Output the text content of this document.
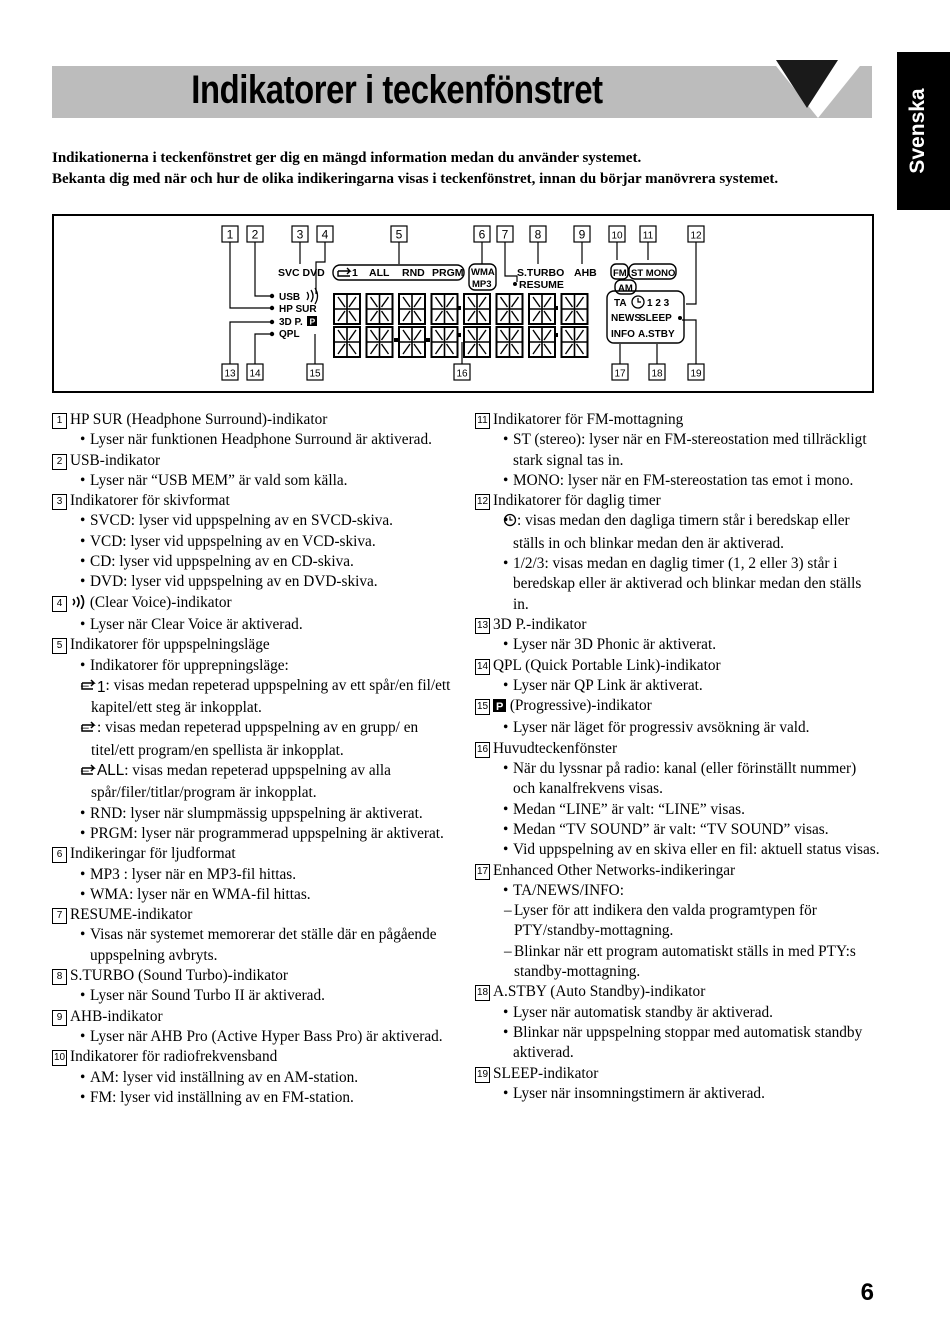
Indikatorer i teckenfönstret	Svenska

Indikationerna i teckenfönstret ger dig en mängd information medan du använder systemet.

Bekanta dig med när och hur de olika indikeringarna visas i teckenfönstret, innan du börjar manövrera systemet.

1 2	3 4	5	6 7 8	9	10 11	12
13 14	15	16	17	18	19
SVC DVD	1 ALL RND PRGM WMA
MP3
S.TURBO
RESUME
AHB FM ST MONO
AM
USB
HP SUR
3D P. P
QPL
TA 1 2 3
NEWS
SLEEP
INFO A.STBY
1 HP SUR (Headphone Surround)-indikator
• Lyser när funktionen Headphone Surround är aktiverad.
2 USB-indikator
• Lyser när “USB MEM” är vald som källa.
3 Indikatorer för skivformat
• SVCD: lyser vid uppspelning av en SVCD-skiva.
• VCD: lyser vid uppspelning av en VCD-skiva.
• CD: lyser vid uppspelning av en CD-skiva.
• DVD: lyser vid uppspelning av en DVD-skiva.
4	(Clear Voice)-indikator
• Lyser när Clear Voice är aktiverad.
5 Indikatorer för uppspelningsläge
• Indikatorer för upprepningsläge:
– 1: visas medan repeterad uppspelning av ett spår/en fil/ett kapitel/ett steg är inkopplat.
– : visas medan repeterad uppspelning av en grupp/ en titel/ett program/en spellista är inkopplat.
– ALL: visas medan repeterad uppspelning av alla spår/filer/titlar/program är inkopplat.
• RND: lyser när slumpmässig uppspelning är aktiverat.
• PRGM: lyser när programmerad uppspelning är aktiverat.
6 Indikeringar för ljudformat
• MP3 : lyser när en MP3-fil hittas.
• WMA: lyser när en WMA-fil hittas.
7 RESUME-indikator
• Visas när systemet memorerar det ställe där en pågående uppspelning avbryts.
8 S.TURBO (Sound Turbo)-indikator
• Lyser när Sound Turbo II är aktiverad.
9 AHB-indikator
• Lyser när AHB Pro (Active Hyper Bass Pro) är aktiverad.
10 Indikatorer för radiofrekvensband
• AM: lyser vid inställning av en AM-station.
• FM: lyser vid inställning av en FM-station.
11 Indikatorer för FM-mottagning
• ST (stereo): lyser när en FM-stereostation med tillräckligt stark signal tas in.
• MONO: lyser när en FM-stereostation tas emot i mono.
12 Indikatorer för daglig timer
• : visas medan den dagliga timern står i beredskap eller ställs in och blinkar medan den är aktiverad.
• 1/2/3: visas medan en daglig timer (1, 2 eller 3) står i beredskap eller är aktiverad och blinkar medan den ställs in.
13 3D P.-indikator
• Lyser när 3D Phonic är aktiverat.
14 QPL (Quick Portable Link)-indikator
• Lyser när QP Link är aktiverat.
15 P (Progressive)-indikator
• Lyser när läget för progressiv avsökning är vald.
16 Huvudteckenfönster
• När du lyssnar på radio: kanal (eller förinställt nummer) och kanalfrekvens visas.
• Medan “LINE” är valt: “LINE” visas.
• Medan “TV SOUND” är valt: “TV SOUND” visas.
• Vid uppspelning av en skiva eller en fil: aktuell status visas.
17 Enhanced Other Networks-indikeringar
• TA/NEWS/INFO:
– Lyser för att indikera den valda programtypen för PTY/standby-mottagning.
– Blinkar när ett program automatiskt ställs in med PTY:s standby-mottagning.
18 A.STBY (Auto Standby)-indikator
• Lyser när automatisk standby är aktiverad.
• Blinkar när uppspelning stoppar med automatisk standby aktiverad.
19 SLEEP-indikator
• Lyser när insomningstimern är aktiverad.
6
